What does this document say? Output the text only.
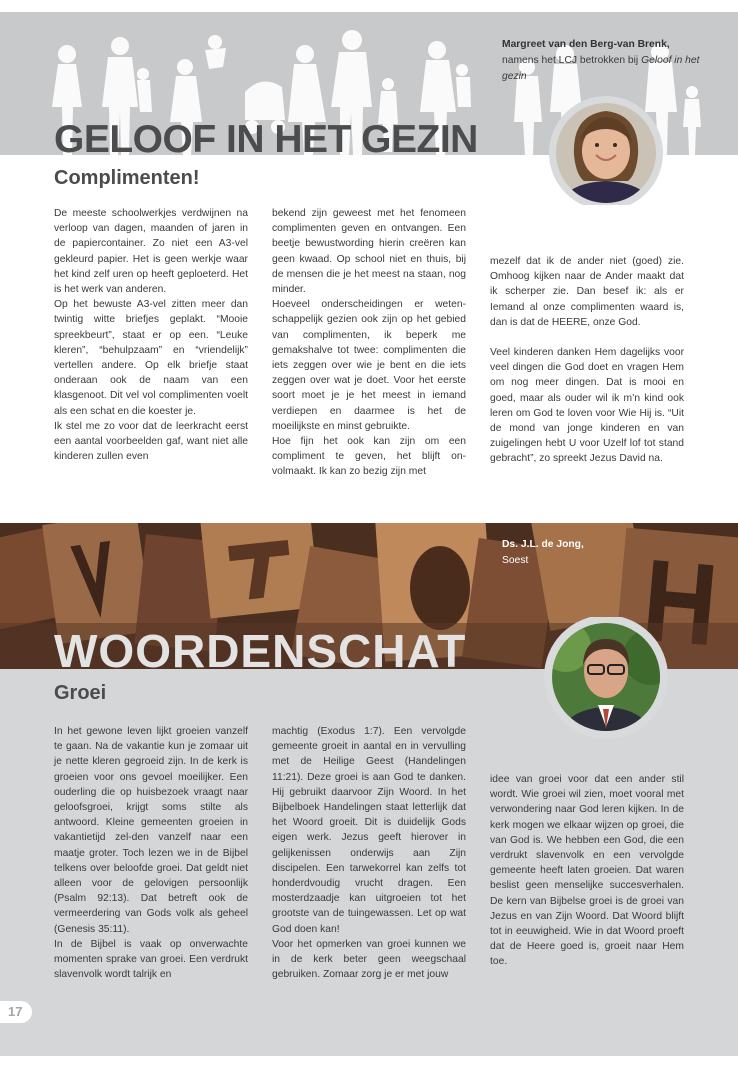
GELOOF IN HET GEZIN
Complimenten!
Margreet van den Berg-van Brenk,
namens het LCJ betrokken bij Geloof in het gezin

De meeste schoolwerkjes verdwijnen na verloop van dagen, maanden of jaren in de papiercontainer. Zo niet een A3-vel gekleurd papier. Het is geen werkje waar het kind zelf uren op heeft geploeterd. Het is het werk van anderen.

Op het bewuste A3-vel zitten meer dan twintig witte briefjes geplakt. “Mooie spreekbeurt”, staat er op een. “Leuke kleren”, “behulpzaam” en “vriendelijk” vertellen andere. Op elk briefje staat onderaan ook de naam van een klasgenoot. Dit vel vol complimenten voelt als een schat en die koester je.

Ik stel me zo voor dat de leerkracht eerst een aantal voorbeelden gaf, want niet alle kinderen zullen even

bekend zijn geweest met het fenomeen complimenten geven en ontvangen. Een beetje bewustwording hierin creëren kan geen kwaad. Op school niet en thuis, bij de mensen die je het meest na staan, nog minder.

Hoeveel onderscheidingen er weten-schappelijk gezien ook zijn op het gebied van complimenten, ik beperk me gemakshalve tot twee: complimenten die iets zeggen over wie je bent en die iets zeggen over wat je doet. Voor het eerste soort moet je je het meest in iemand verdiepen en daarmee is het de moeilijkste en minst gebruikte.

Hoe fijn het ook kan zijn om een compliment te geven, het blijft on-volmaakt. Ik kan zo bezig zijn met

mezelf dat ik de ander niet (goed) zie. Omhoog kijken naar de Ander maakt dat ik scherper zie. Dan besef ik: als er Iemand al onze complimenten waard is, dan is dat de HEERE, onze God.

Veel kinderen danken Hem dagelijks voor veel dingen die God doet en vragen Hem om nog meer dingen. Dat is mooi en goed, maar als ouder wil ik m’n kind ook leren om God te loven voor Wie Hij is. “Uit de mond van jonge kinderen en van zuigelingen hebt U voor Uzelf lof tot stand gebracht”, zo spreekt Jezus David na.

WOORDENSCHAT
Groei
Ds. J.L. de Jong,
Soest

In het gewone leven lijkt groeien vanzelf te gaan. Na de vakantie kun je zomaar uit je nette kleren gegroeid zijn. In de kerk is groeien voor ons gevoel moeilijker. Een ouderling die op huisbezoek vraagt naar geloofsgroei, krijgt soms stilte als antwoord. Kleine gemeenten groeien in vakantietijd zel-den vanzelf naar een maatje groter. Toch lezen we in de Bijbel telkens over beloofde groei. Dat geldt niet alleen voor de gelovigen persoonlijk (Psalm 92:13). Dat betreft ook de vermeerdering van Gods volk als geheel (Genesis 35:11).

In de Bijbel is vaak op onverwachte momenten sprake van groei. Een verdrukt slavenvolk wordt talrijk en

machtig (Exodus 1:7). Een vervolgde gemeente groeit in aantal en in vervulling met de Heilige Geest (Handelingen 11:21). Deze groei is aan God te danken. Hij gebruikt daarvoor Zijn Woord. In het Bijbelboek Handelingen staat letterlijk dat het Woord groeit. Dit is duidelijk Gods eigen werk. Jezus geeft hierover in gelijkenissen onderwijs aan Zijn discipelen. Een tarwekorrel kan zelfs tot honderdvoudig vrucht dragen. Een mosterdzaadje kan uitgroeien tot het grootste van de tuingewassen. Let op wat God doen kan!

Voor het opmerken van groei kunnen we in de kerk beter geen weegschaal gebruiken. Zomaar zorg je er met jouw

idee van groei voor dat een ander stil wordt. Wie groei wil zien, moet vooral met verwondering naar God leren kijken. In de kerk mogen we elkaar wijzen op groei, die van God is. We hebben een God, die een verdrukt slavenvolk en een vervolgde gemeente heeft laten groeien. Dat waren beslist geen menselijke succesverhalen. De kern van Bijbelse groei is de groei van Jezus en van Zijn Woord. Dat Woord blijft tot in eeuwigheid. Wie in dat Woord proeft dat de Heere goed is, groeit naar Hem toe.

17
